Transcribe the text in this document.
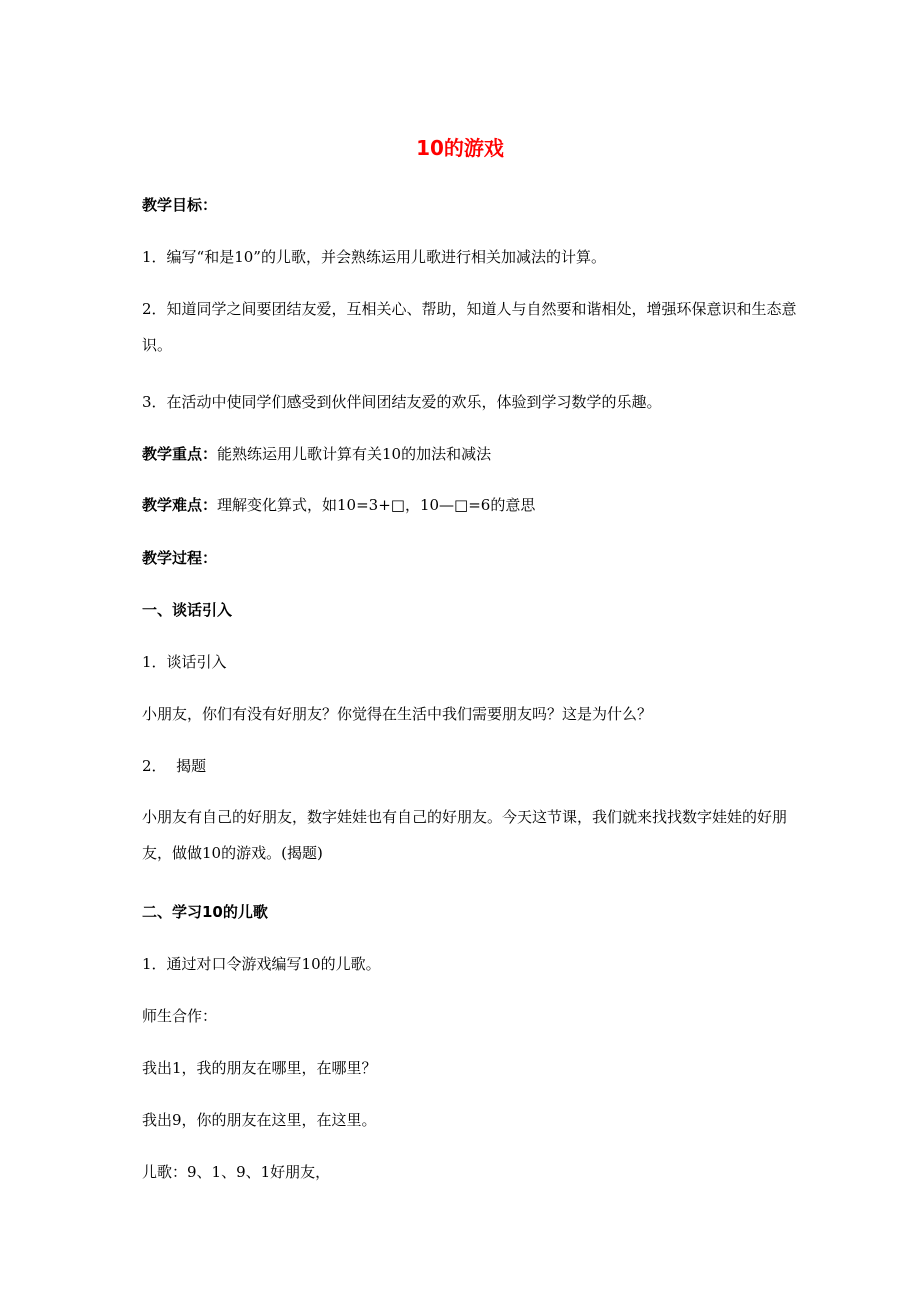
10的游戏

教学目标：

1．编写“和是10”的儿歌，并会熟练运用儿歌进行相关加减法的计算。

2．知道同学之间要团结友爱，互相关心、帮助，知道人与自然要和谐相处，增强环保意识和生态意识。

3．在活动中使同学们感受到伙伴间团结友爱的欢乐，体验到学习数学的乐趣。

教学重点：能熟练运用儿歌计算有关10的加法和减法

教学难点：理解变化算式，如10=3+□，10—□=6的意思

教学过程：

一、谈话引入

1．谈话引入

小朋友，你们有没有好朋友？你觉得在生活中我们需要朋友吗？这是为什么？

2．  揭题

小朋友有自己的好朋友，数字娃娃也有自己的好朋友。今天这节课，我们就来找找数字娃娃的好朋友，做做10的游戏。(揭题)

二、学习10的儿歌

1．通过对口令游戏编写10的儿歌。

师生合作：

我出1，我的朋友在哪里，在哪里？

我出9，你的朋友在这里，在这里。

儿歌：9、1、9、1好朋友，
